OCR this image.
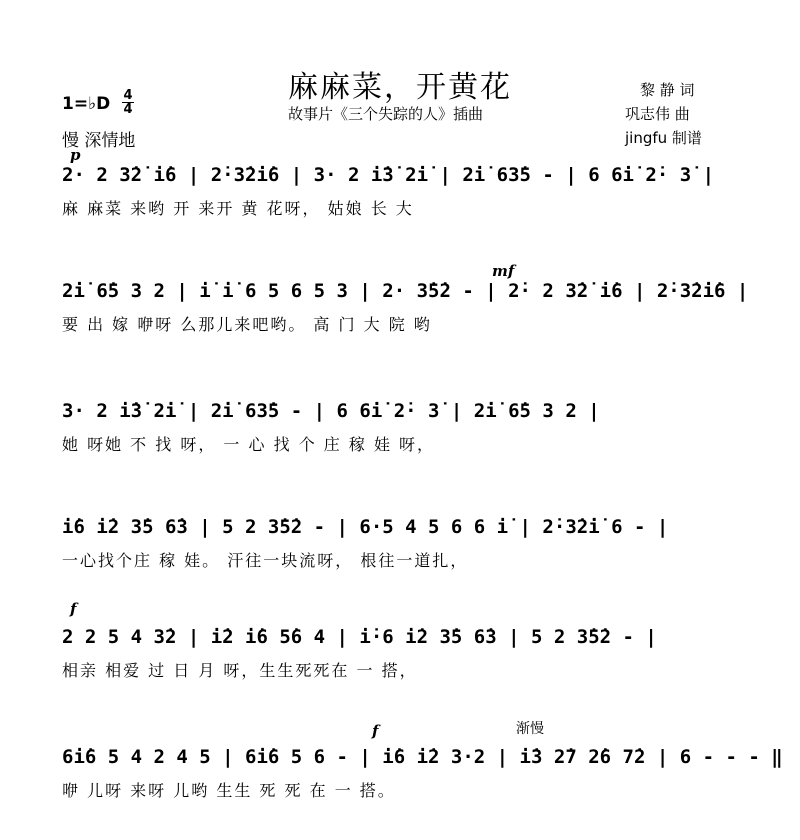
麻麻菜，开黄花
故事片《三个失踪的人》插曲
黎 静 词
巩志伟 曲
jingfu 制谱
1=♭D 4
4
慢 深情地
p
2· 2 3̇2̇ i̇6 | 2̇·3̇2̇i̇6 | 3· 2 i̇3̇ 2̇i̇ | 2̇i̇ 63̇5 - | 6 6̇i̇ 2̇· 3̇ |
麻 麻菜 来哟 开 来开 黄 花呀， 姑娘 长 大
mf
2̇i̇ 6̇5 3 2 | i̇ i̇ 6 5 6 5 3 | 2· 3̇5̇2 - | 2̇· 2 3̇2̇ i̇6 | 2̇·3̇2̇i̇6 |
要 出 嫁 咿呀 么那儿来吧哟。 高 门 大 院 哟
3· 2 i̇3̇ 2̇i̇ | 2̇i̇ 63̇5 - | 6 6̇i̇ 2̇· 3̇ | 2̇i̇ 6̇5 3 2 |
她 呀她 不 找 呀， 一 心 找 个 庄 稼 娃 呀，
i̇6 i̇2 3̇5 6̇3 | 5 2 3̇5̇2 - | 6·5 4 5 6 6 i̇ | 2̇·3̇2̇i̇ 6 - |
一心找个庄 稼 娃。 汗往一块流呀， 根往一道扎，
f
2 2 5 4 3̇2 | i̇2 i̇6 5̇6 4 | i̇·6 i̇2 3̇5 6̇3 | 5 2 3̇5̇2 - |
相亲 相爱 过 日 月 呀，生生死死在 一 搭，
f	渐慢
6i̇6 5 4 2 4 5 | 6i̇6 5 6 - | i̇6 i̇2 3·2 | i̇3 2̇7 2̇6 7̇2 | 6 - - - ‖
咿 儿呀 来呀 儿哟 生生 死 死 在 一 搭。
